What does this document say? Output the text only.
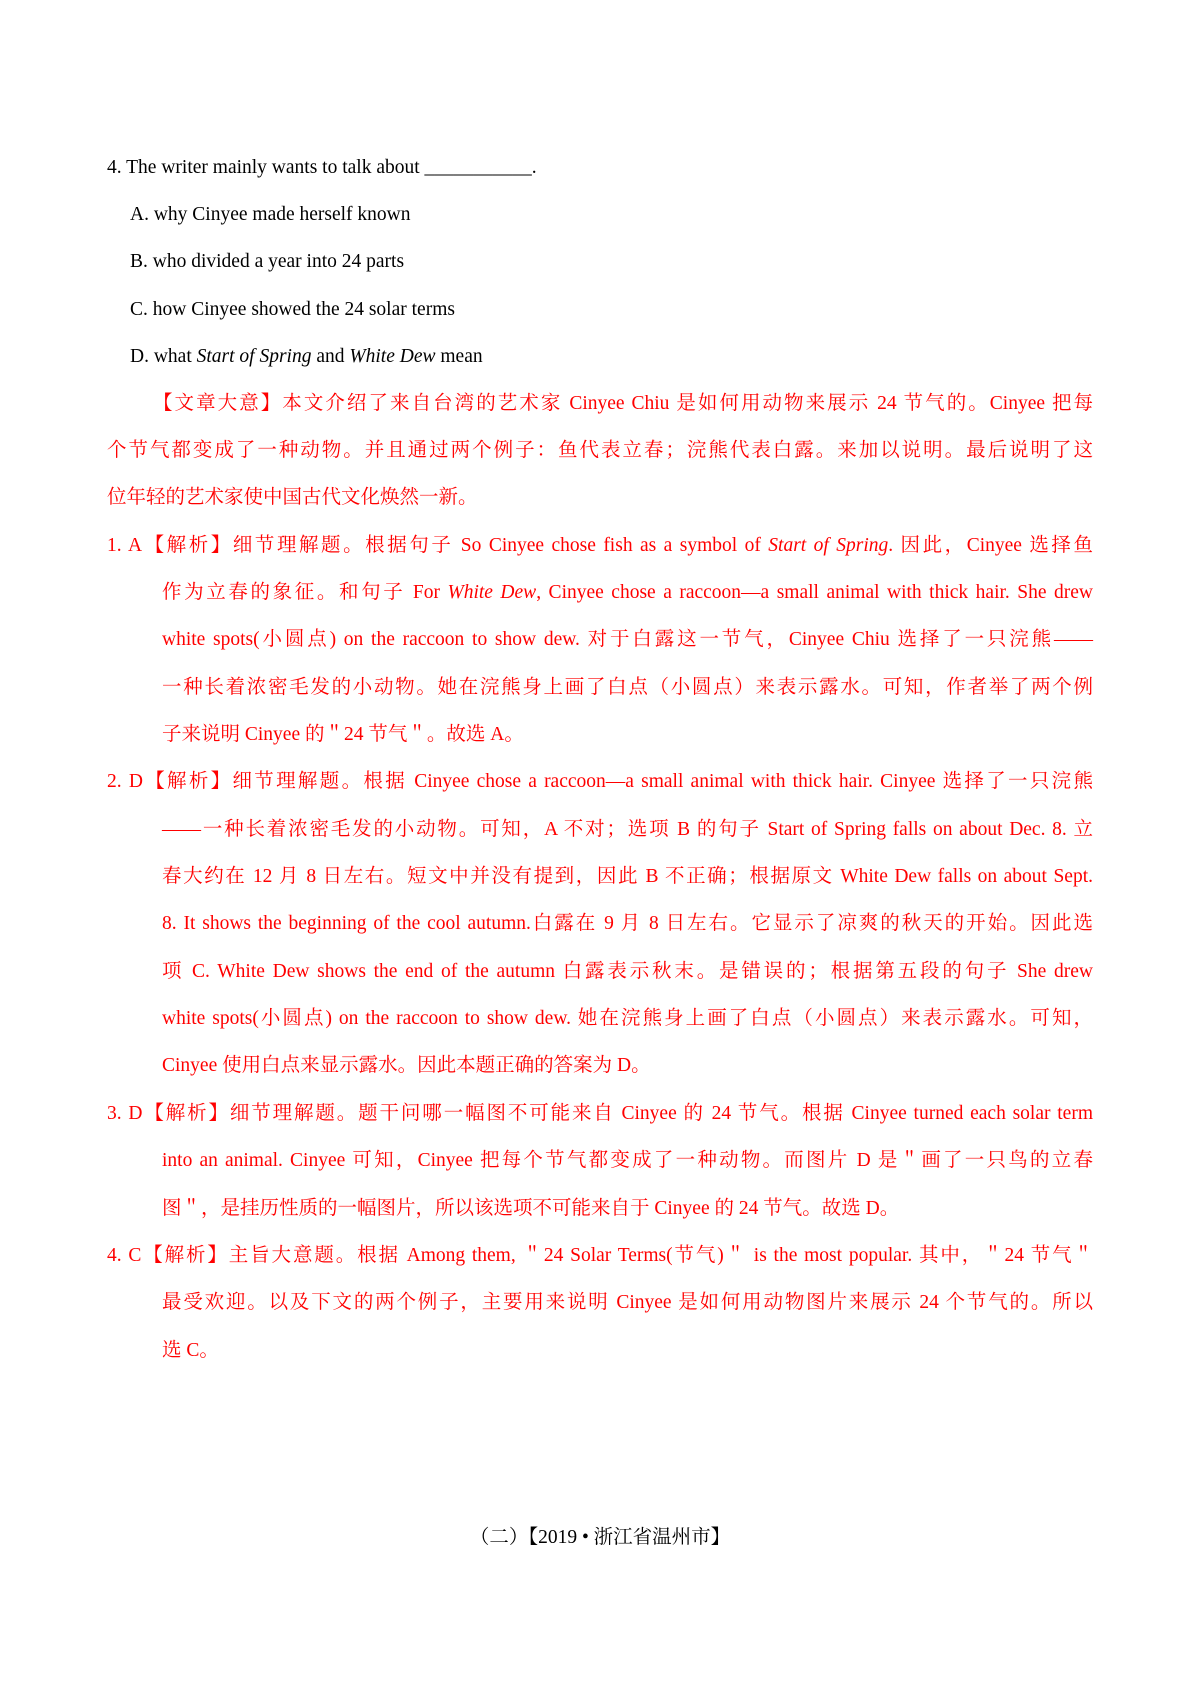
4. The writer mainly wants to talk about ___________.
A. why Cinyee made herself known
B. who divided a year into 24 parts
C. how Cinyee showed the 24 solar terms
D. what Start of Spring and White Dew mean
【文章大意】本文介绍了来自台湾的艺术家 Cinyee Chiu 是如何用动物来展示 24 节气的。Cinyee 把每
个节气都变成了一种动物。并且通过两个例子：鱼代表立春；浣熊代表白露。来加以说明。最后说明了这
位年轻的艺术家使中国古代文化焕然一新。
1. A【解析】细节理解题。根据句子 So Cinyee chose fish as a symbol of Start of Spring. 因此，Cinyee 选择鱼
作为立春的象征。和句子 For White Dew, Cinyee chose a raccoon—a small animal with thick hair. She drew
white spots(小圆点) on the raccoon to show dew. 对于白露这一节气，Cinyee Chiu 选择了一只浣熊——
一种长着浓密毛发的小动物。她在浣熊身上画了白点（小圆点）来表示露水。可知，作者举了两个例
子来说明 Cinyee 的＂24 节气＂。故选 A。
2. D【解析】细节理解题。根据 Cinyee chose a raccoon—a small animal with thick hair. Cinyee 选择了一只浣熊
——一种长着浓密毛发的小动物。可知，A 不对；选项 B 的句子 Start of Spring falls on about Dec. 8. 立
春大约在 12 月 8 日左右。短文中并没有提到，因此 B 不正确；根据原文 White Dew falls on about Sept.
8. It shows the beginning of the cool autumn.白露在 9 月 8 日左右。它显示了凉爽的秋天的开始。因此选
项 C. White Dew shows the end of the autumn 白露表示秋末。是错误的；根据第五段的句子 She drew
white spots(小圆点) on the raccoon to show dew. 她在浣熊身上画了白点（小圆点）来表示露水。可知，
Cinyee 使用白点来显示露水。因此本题正确的答案为 D。
3. D【解析】细节理解题。题干问哪一幅图不可能来自 Cinyee 的 24 节气。根据 Cinyee turned each solar term
into an animal. Cinyee 可知，Cinyee 把每个节气都变成了一种动物。而图片 D 是＂画了一只鸟的立春
图＂，是挂历性质的一幅图片，所以该选项不可能来自于 Cinyee 的 24 节气。故选 D。
4. C【解析】主旨大意题。根据 Among them, ＂24 Solar Terms(节气)＂ is the most popular. 其中，＂24 节气＂
最受欢迎。以及下文的两个例子，主要用来说明 Cinyee 是如何用动物图片来展示 24 个节气的。所以
选 C。
（二）【2019 • 浙江省温州市】
